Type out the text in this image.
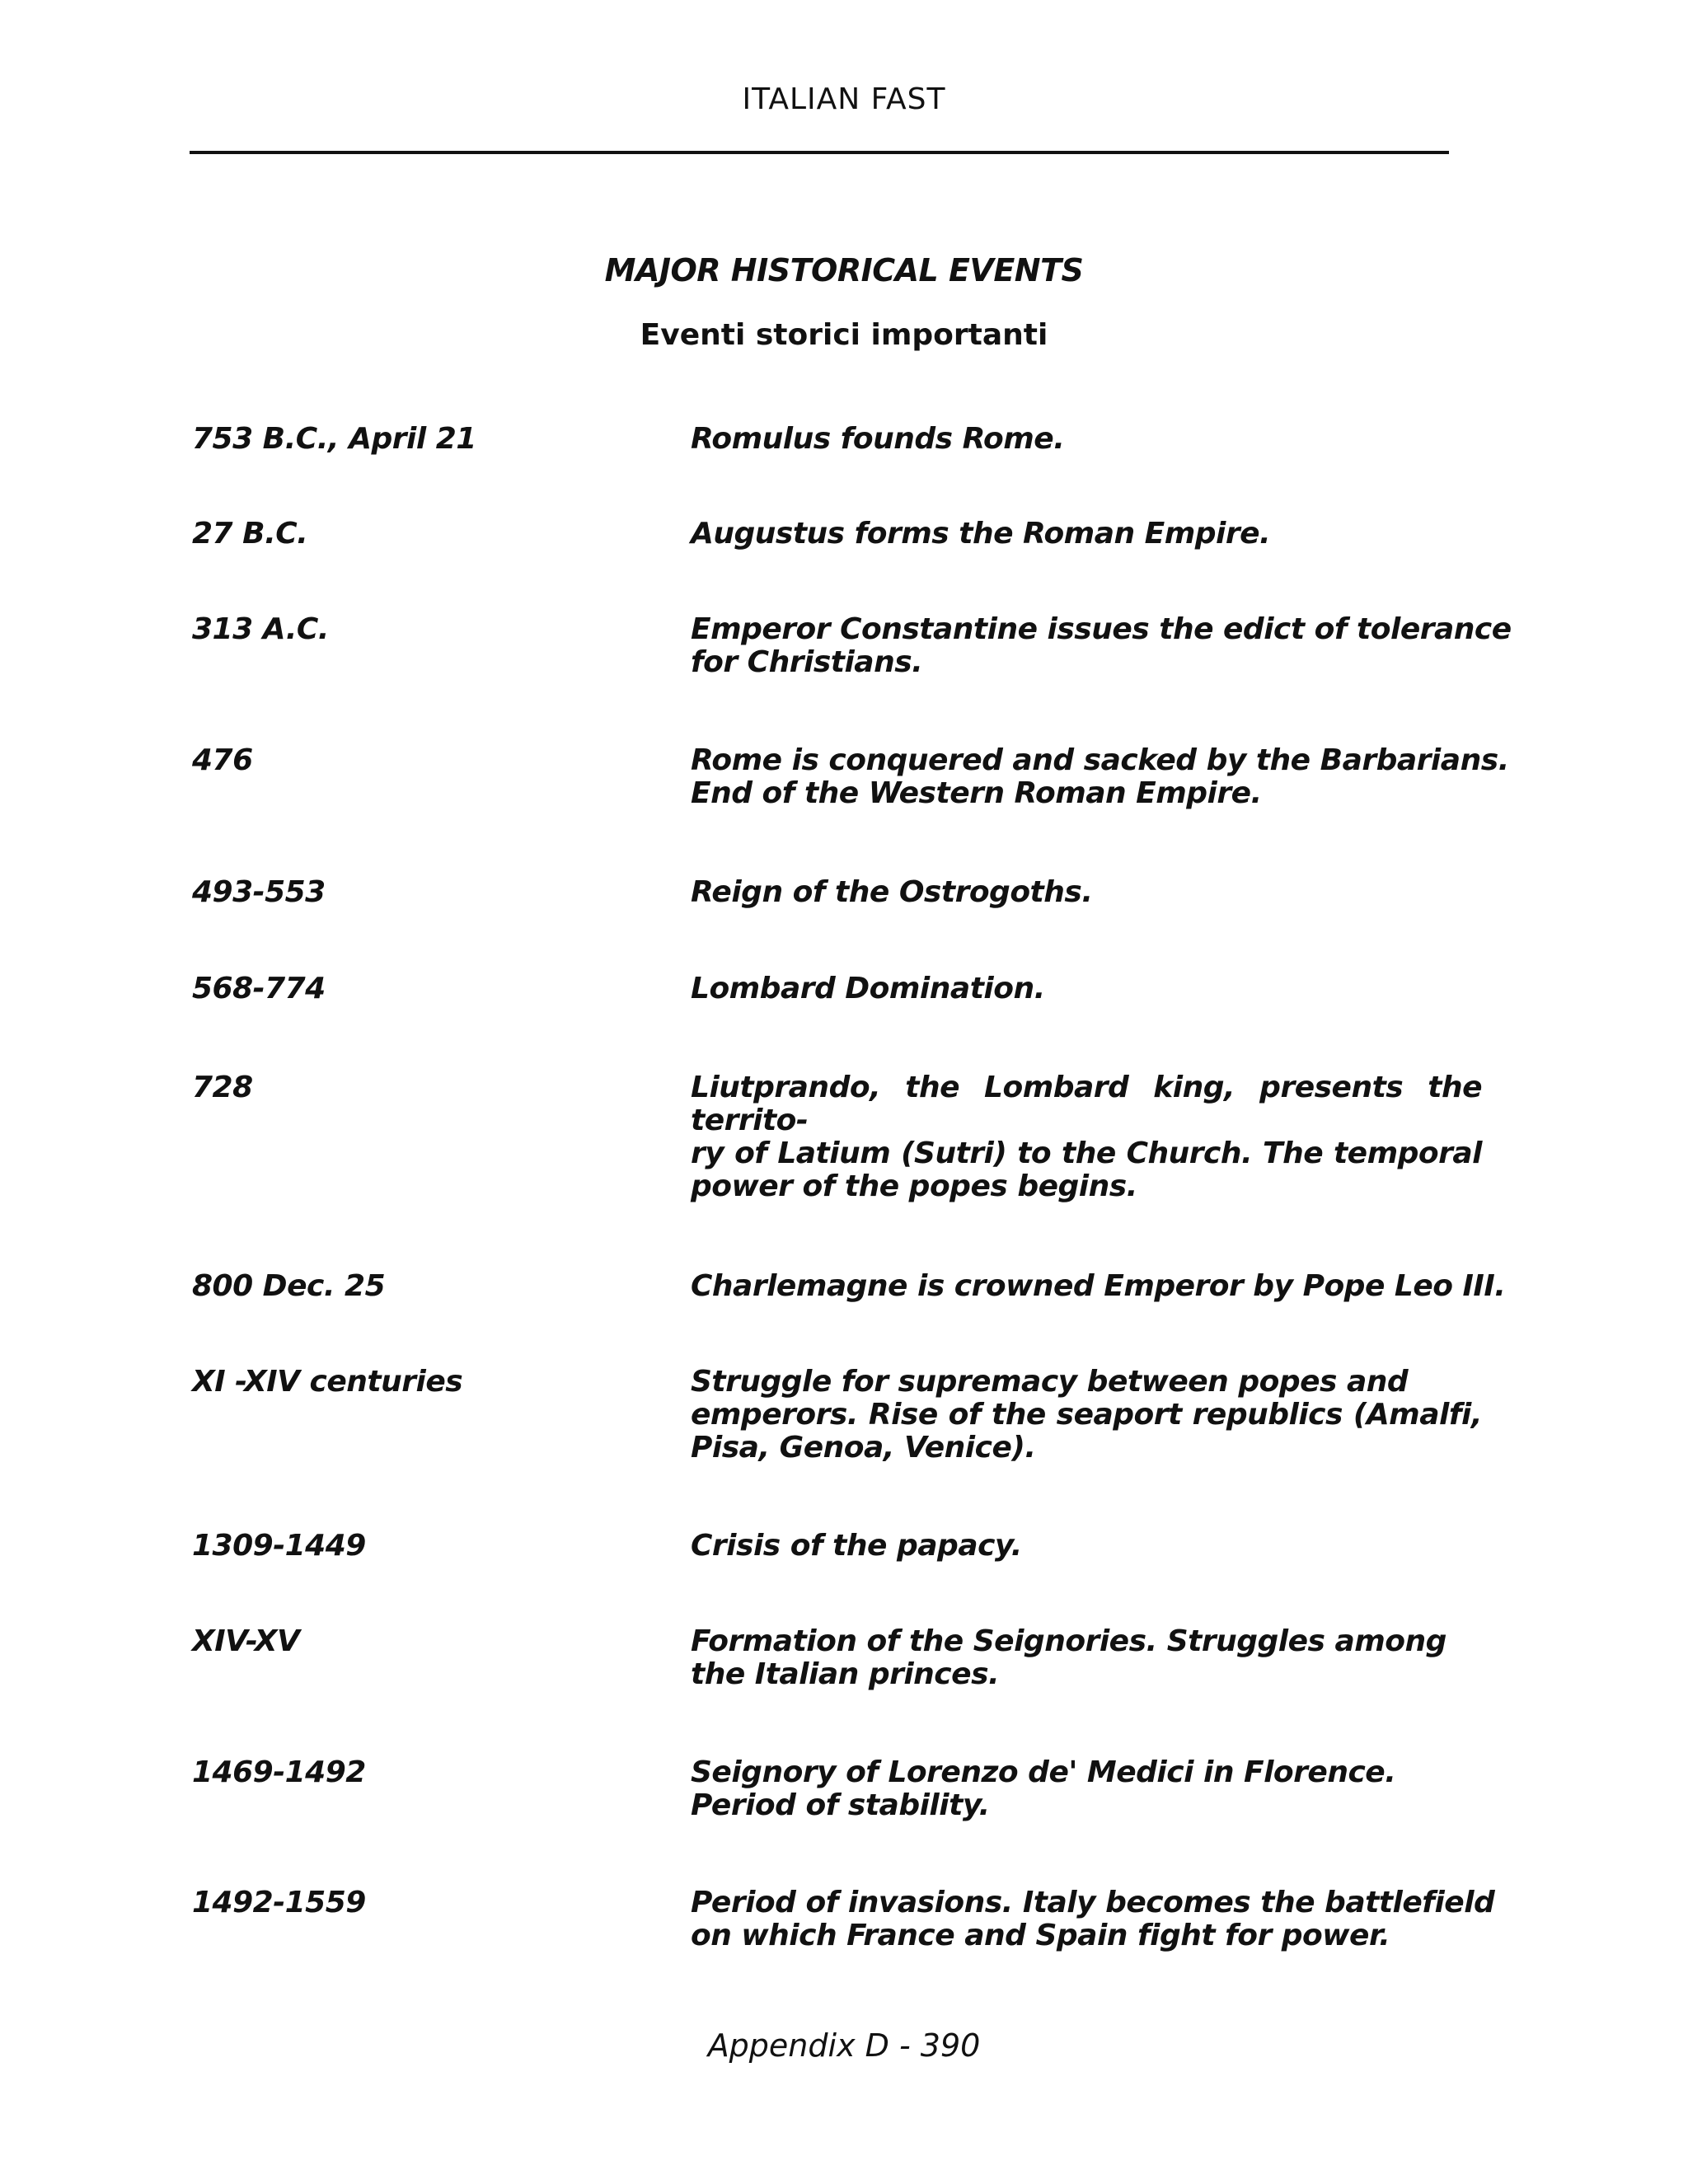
ITALIAN FAST
MAJOR HISTORICAL EVENTS
Eventi storici importanti
753 B.C., April 21	Romulus founds Rome.
27 B.C.	Augustus forms the Roman Empire.
313 A.C.	Emperor Constantine issues the edict of tolerance
for Christians.
476	Rome is conquered and sacked by the Barbarians.
End of the Western Roman Empire.
493-553	Reign of the Ostrogoths.
568-774	Lombard Domination.
728	Liutprando, the Lombard king, presents the territo-
ry of Latium (Sutri) to the Church. The temporal
power of the popes begins.
800 Dec. 25	Charlemagne is crowned Emperor by Pope Leo III.
XI -XIV centuries	Struggle for supremacy between popes and
emperors. Rise of the seaport republics (Amalfi,
Pisa, Genoa, Venice).
1309-1449	Crisis of the papacy.
XIV-XV	Formation of the Seignories. Struggles among
the Italian princes.
1469-1492	Seignory of Lorenzo de' Medici in Florence.
Period of stability.
1492-1559	Period of invasions. Italy becomes the battlefield
on which France and Spain fight for power.
Appendix D - 390
